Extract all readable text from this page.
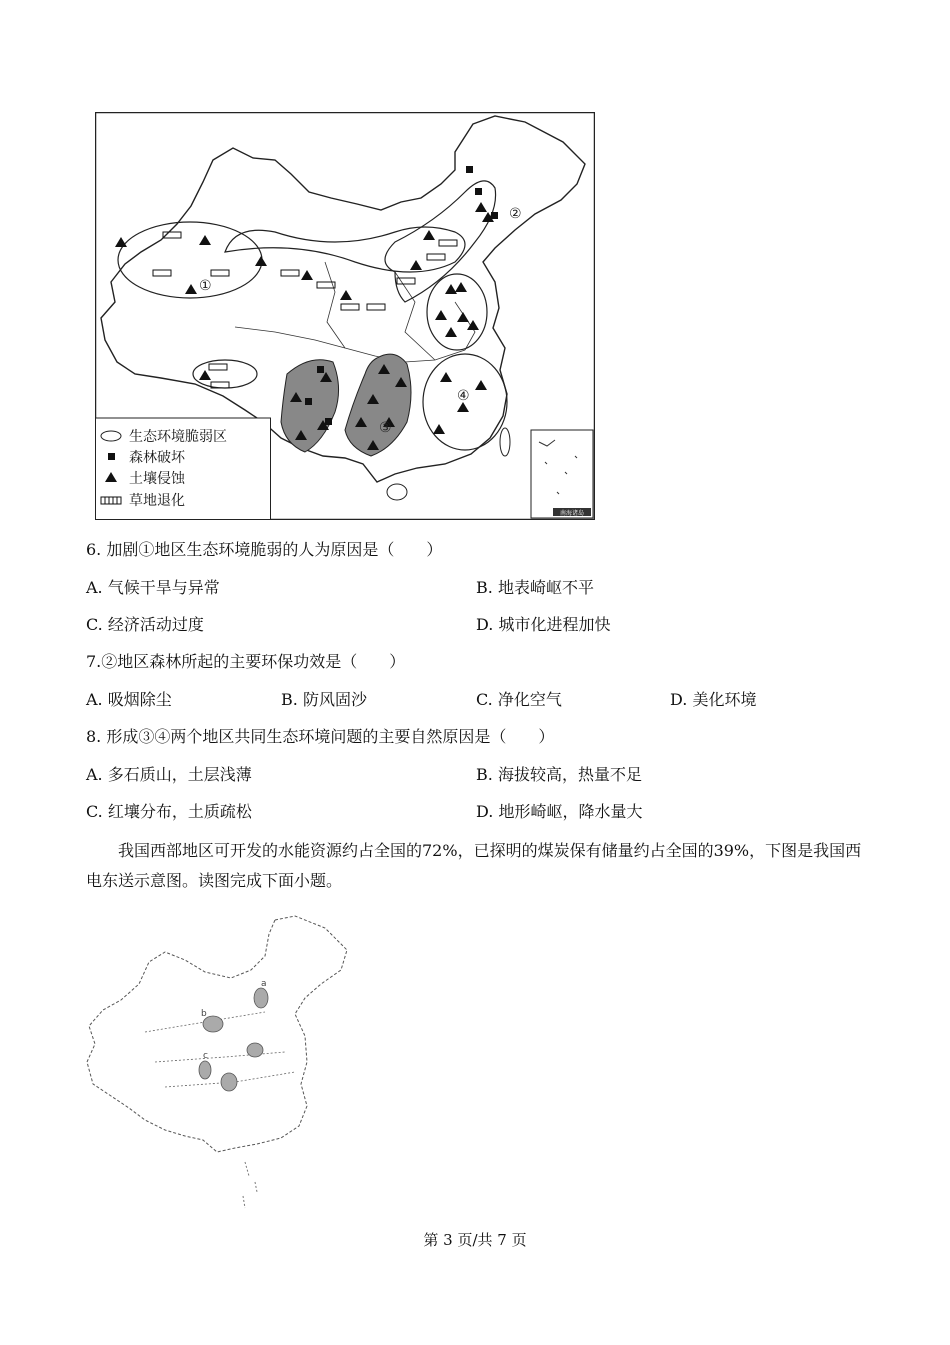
南海诸岛
①
②
③
④
生态环境脆弱区
森林破坏
土壤侵蚀
草地退化
6. 加剧①地区生态环境脆弱的人为原因是（　　）
A. 气候干旱与异常	B. 地表崎岖不平
C. 经济活动过度	D. 城市化进程加快
7.②地区森林所起的主要环保功效是（　　）
A. 吸烟除尘	B. 防风固沙	C. 净化空气	D. 美化环境
8. 形成③④两个地区共同生态环境问题的主要自然原因是（　　）
A. 多石质山，土层浅薄	B. 海拔较高，热量不足
C. 红壤分布，土质疏松	D. 地形崎岖，降水量大
我国西部地区可开发的水能资源约占全国的72%，已探明的煤炭保有储量约占全国的39%，下图是我国西电东送示意图。读图完成下面小题。
a
b
c
第 3 页/共 7 页
